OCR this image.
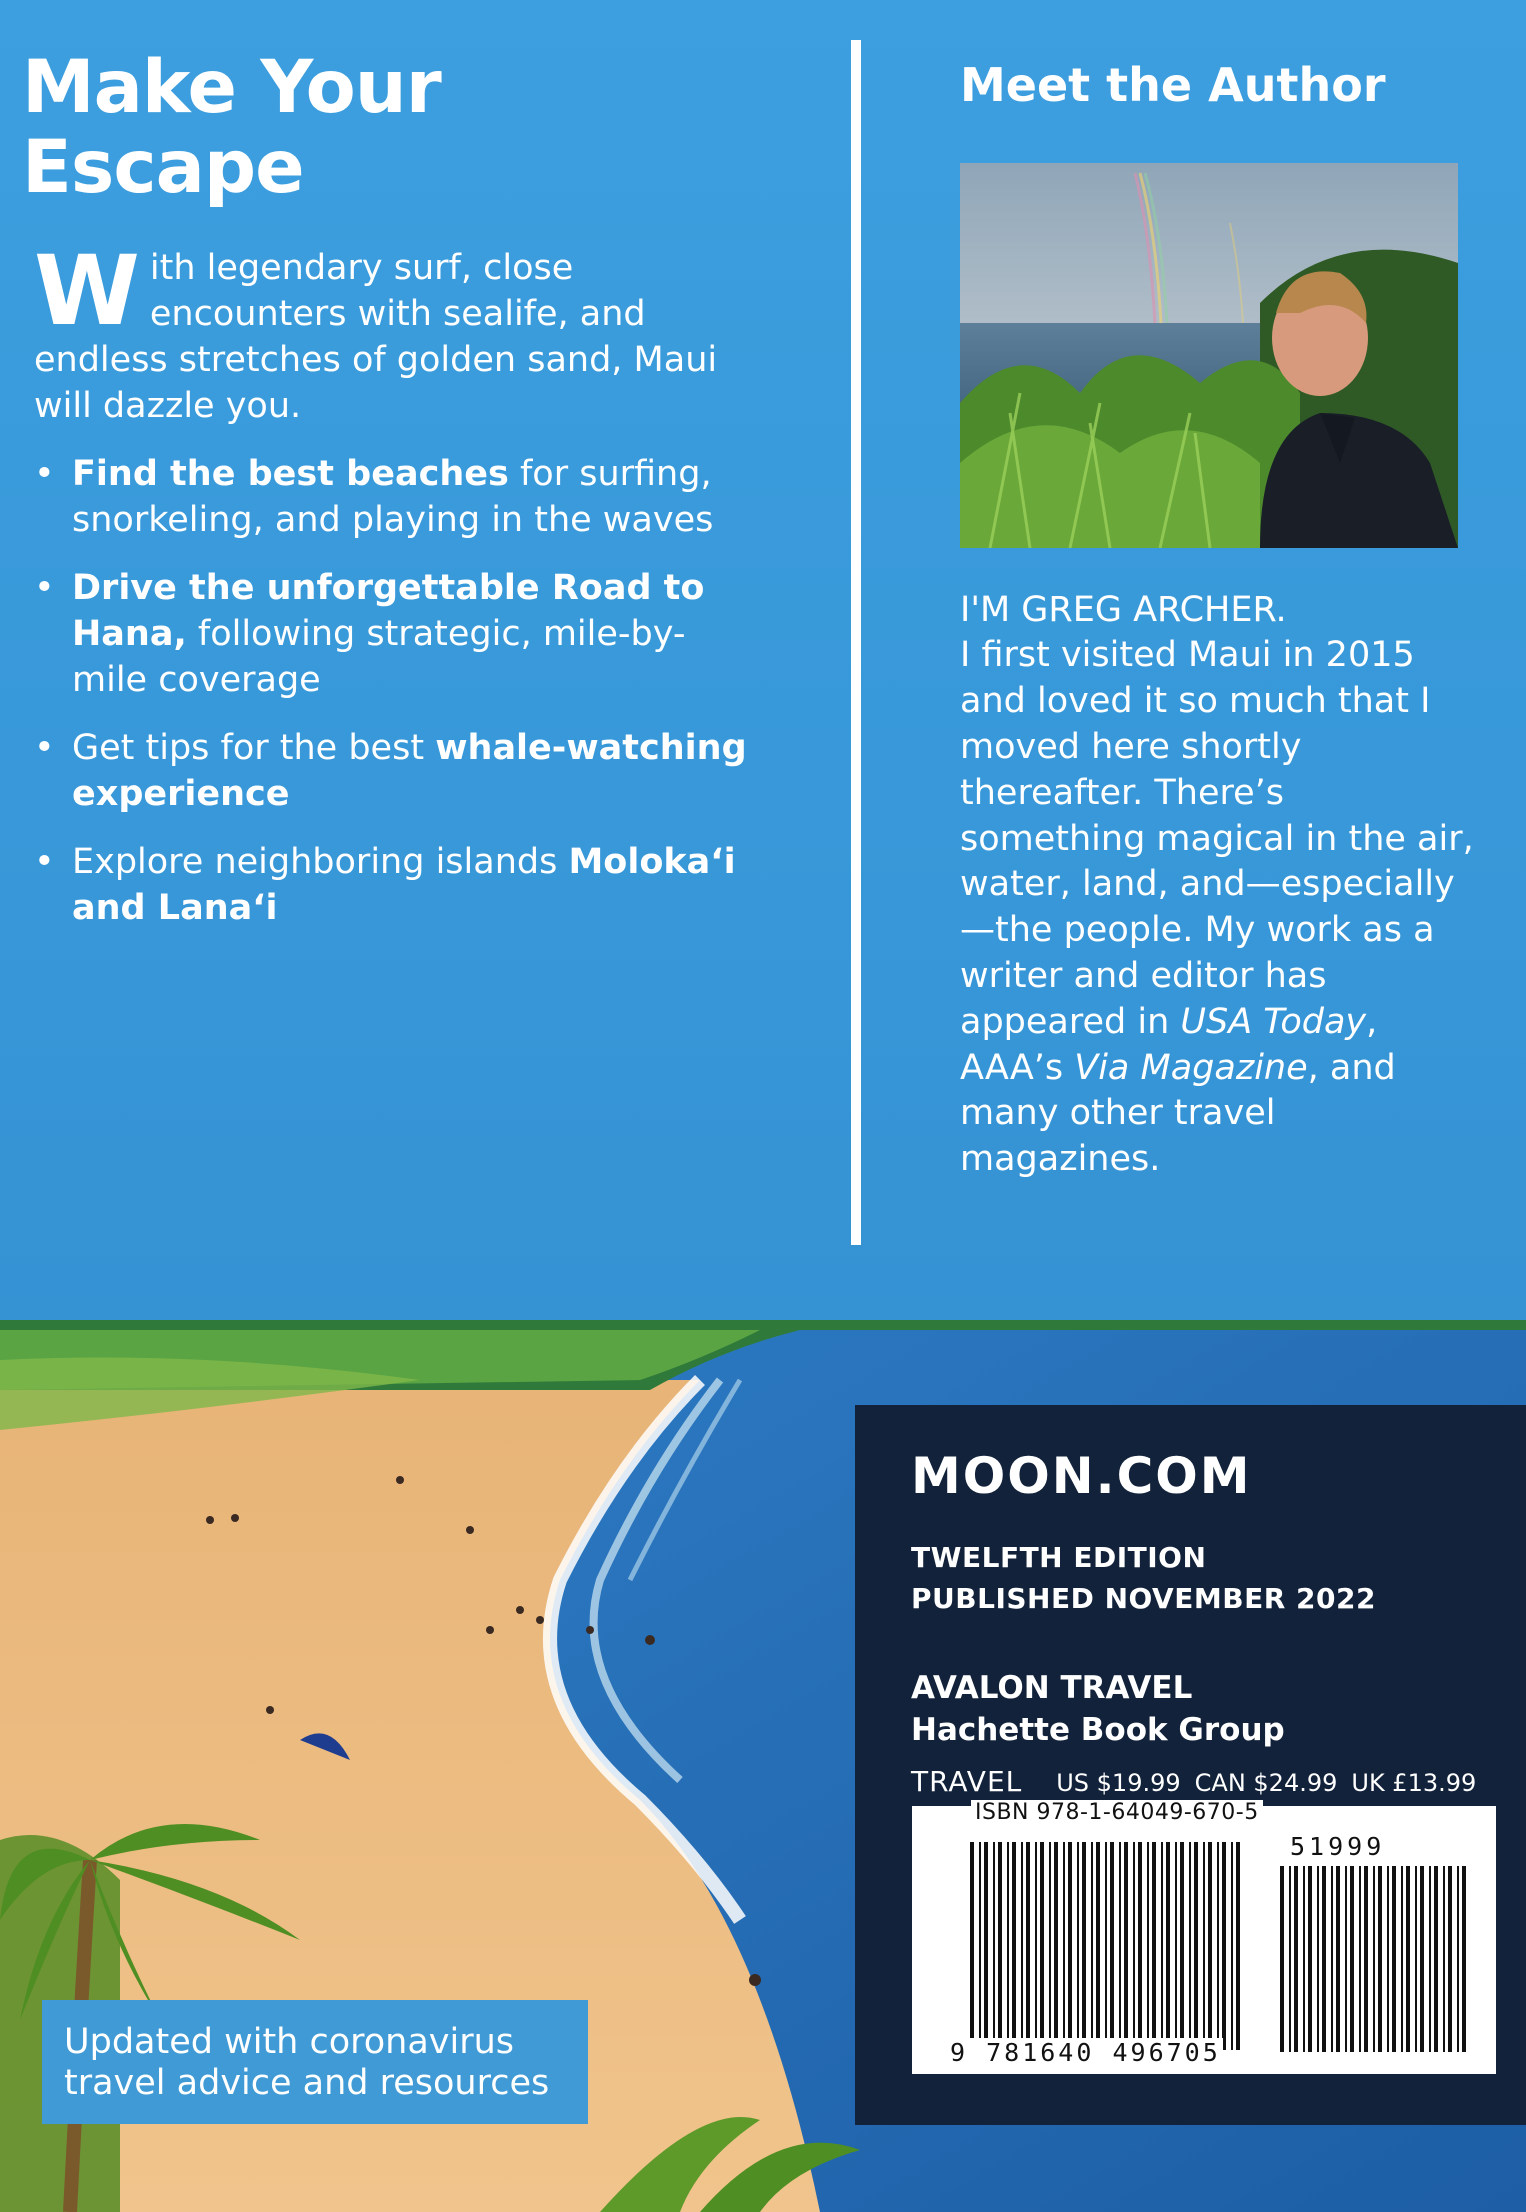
Make Your Escape

With legendary surf, close encounters with sealife, and endless stretches of golden sand, Maui will dazzle you.

• Find the best beaches for surfing, snorkeling, and playing in the waves
• Drive the unforgettable Road to Hana, following strategic, mile-by-mile coverage
• Get tips for the best whale-watching experience
• Explore neighboring islands Moloka‘i and Lana‘i
Meet the Author
I'M GREG ARCHER.
I first visited Maui in 2015 and loved it so much that I moved here shortly thereafter. There’s something magical in the air, water, land, and—especially—the people. My work as a writer and editor has appeared in USA Today, AAA’s Via Magazine, and many other travel magazines.
Updated with coronavirus travel advice and resources
MOON.COM
TWELFTH EDITION
PUBLISHED NOVEMBER 2022
AVALON TRAVEL
Hachette Book Group
TRAVEL US $19.99 CAN $24.99 UK £13.99
51999
9 781640 496705
ISBN 978-1-64049-670-5
